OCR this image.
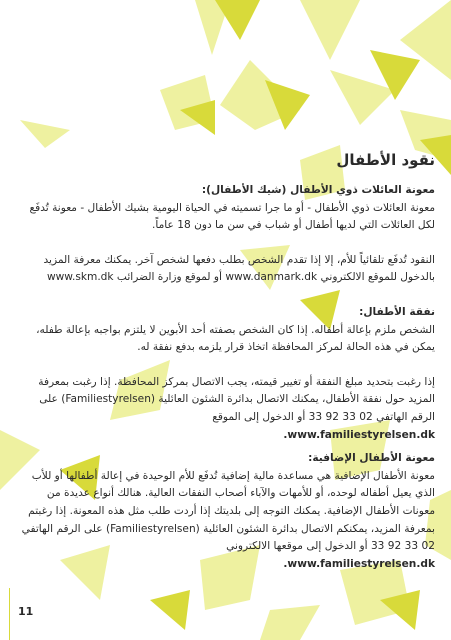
نقود الأطفال

معونة العائلات ذوي الأطفال (شيك الأطفال):

معونة العائلات ذوي الأطفال - أو ما جرا تسميته في الحياة اليومية بشيك الأطفال - معونة تُدفَع لكل العائلات التي لديها أطفال أو شباب في سن ما دون 18 عاماً.

النقود تُدفَع تلقائياً للأم، إلا إذا تقدم الشخص بطلب دفعها لشخص آخر. يمكنك معرفة المزيد بالدخول للموقع الالكتروني www.danmark.dk أو لموقع وزارة الضرائب www.skm.dk

نفقة الأطفال:

الشخص ملزم بإعالة أطفاله. إذا كان الشخص بصفته أحد الأبوين لا يلتزم بواجبه بإعالة طفله، يمكن في هذه الحالة لمركز المحافظة اتخاذ قرار يلزمه بدفع نفقة له.

إذا رغبت بتحديد مبلغ النفقة أو تغيير قيمته، يجب الاتصال بمركز المحافظة. إذا رغبت بمعرفة المزيد حول نفقة الأطفال، يمكنك الاتصال بدائرة الشئون العائلية (Familiestyrelsen) على الرقم الهاتفي 02 33 92 33 أو الدخول إلى الموقع

www.familiestyrelsen.dk.

معونة الأطفال الإضافية:

معونة الأطفال الإضافية هي مساعدة مالية إضافية تُدفَع للأم الوحيدة في إعالة أطفالها أو للأب الذي يعيل أطفاله لوحده، أو للأمهات والآباء أصحاب النفقات العالية. هنالك أنواع عديدة من معونات الأطفال الإضافية. يمكنك التوجه إلى بلديتك إذا أردت طلب مثل هذه المعونة. إذا رغبتم بمعرفة المزيد، يمكنكم الاتصال بدائرة الشئون العائلية (Familiestyrelsen) على الرقم الهاتفي 02 33 92 33 أو الدخول إلى موقعها الالكتروني

www.familiestyrelsen.dk.

11
